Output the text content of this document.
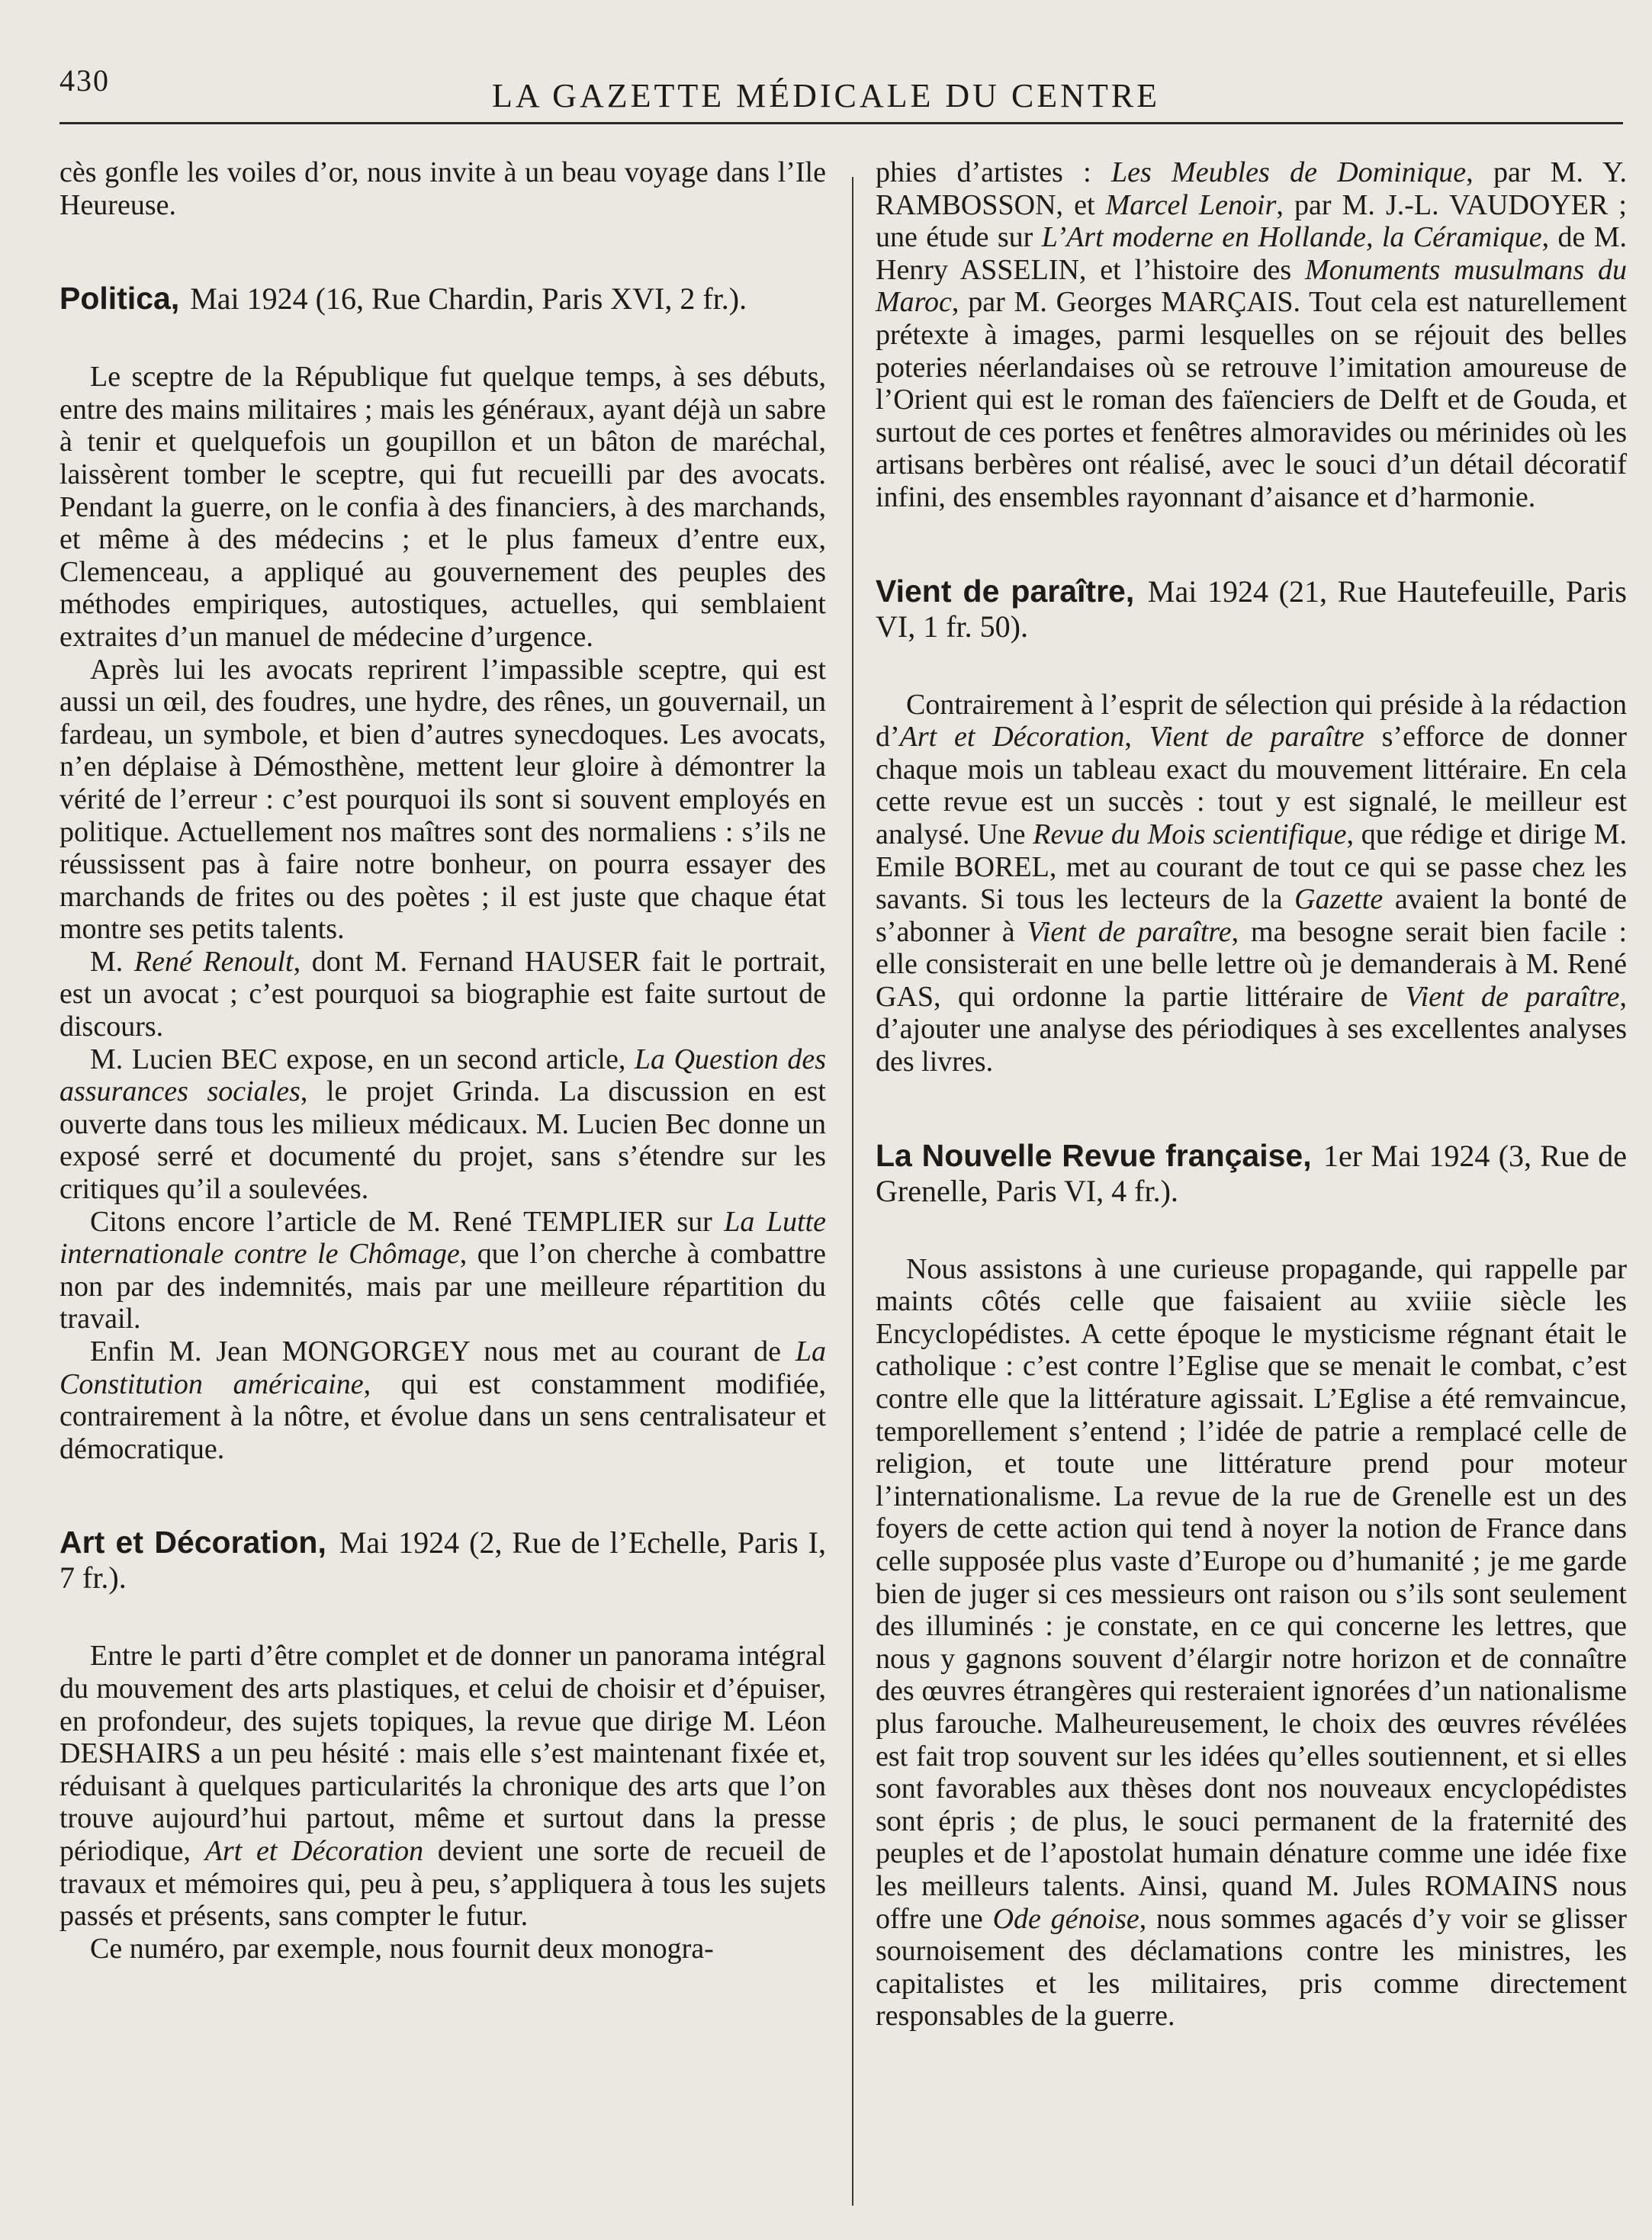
430	LA GAZETTE MÉDICALE DU CENTRE

cès gonfle les voiles d’or, nous invite à un beau voyage dans l’Ile Heureuse.

Politica, Mai 1924 (16, Rue Chardin, Paris XVI, 2 fr.).

Le sceptre de la République fut quelque temps, à ses débuts, entre des mains militaires ; mais les généraux, ayant déjà un sabre à tenir et quelquefois un goupillon et un bâton de maréchal, laissèrent tomber le sceptre, qui fut recueilli par des avocats. Pendant la guerre, on le confia à des financiers, à des marchands, et même à des médecins ; et le plus fameux d’entre eux, Clemenceau, a appliqué au gouvernement des peuples des méthodes empiriques, autostiques, actuelles, qui semblaient extraites d’un manuel de médecine d’urgence.

Après lui les avocats reprirent l’impassible sceptre, qui est aussi un œil, des foudres, une hydre, des rênes, un gouvernail, un fardeau, un symbole, et bien d’autres synecdoques. Les avocats, n’en déplaise à Démosthène, mettent leur gloire à démontrer la vérité de l’erreur : c’est pourquoi ils sont si souvent employés en politique. Actuellement nos maîtres sont des normaliens : s’ils ne réussissent pas à faire notre bonheur, on pourra essayer des marchands de frites ou des poètes ; il est juste que chaque état montre ses petits talents.

M. René Renoult, dont M. Fernand HAUSER fait le portrait, est un avocat ; c’est pourquoi sa biographie est faite surtout de discours.

M. Lucien BEC expose, en un second article, La Question des assurances sociales, le projet Grinda. La discussion en est ouverte dans tous les milieux médicaux. M. Lucien Bec donne un exposé serré et documenté du projet, sans s’étendre sur les critiques qu’il a soulevées.

Citons encore l’article de M. René TEMPLIER sur La Lutte internationale contre le Chômage, que l’on cherche à combattre non par des indemnités, mais par une meilleure répartition du travail.

Enfin M. Jean MONGORGEY nous met au courant de La Constitution américaine, qui est constamment modifiée, contrairement à la nôtre, et évolue dans un sens centralisateur et démocratique.

Art et Décoration, Mai 1924 (2, Rue de l’Echelle, Paris I, 7 fr.).

Entre le parti d’être complet et de donner un panorama intégral du mouvement des arts plastiques, et celui de choisir et d’épuiser, en profondeur, des sujets topiques, la revue que dirige M. Léon DESHAIRS a un peu hésité : mais elle s’est maintenant fixée et, réduisant à quelques particularités la chronique des arts que l’on trouve aujourd’hui partout, même et surtout dans la presse périodique, Art et Décoration devient une sorte de recueil de travaux et mémoires qui, peu à peu, s’appliquera à tous les sujets passés et présents, sans compter le futur.

Ce numéro, par exemple, nous fournit deux monogra-

phies d’artistes : Les Meubles de Dominique, par M. Y. RAMBOSSON, et Marcel Lenoir, par M. J.-L. VAUDOYER ; une étude sur L’Art moderne en Hollande, la Céramique, de M. Henry ASSELIN, et l’histoire des Monuments musulmans du Maroc, par M. Georges MARÇAIS. Tout cela est naturellement prétexte à images, parmi lesquelles on se réjouit des belles poteries néerlandaises où se retrouve l’imitation amoureuse de l’Orient qui est le roman des faïenciers de Delft et de Gouda, et surtout de ces portes et fenêtres almoravides ou mérinides où les artisans berbères ont réalisé, avec le souci d’un détail décoratif infini, des ensembles rayonnant d’aisance et d’harmonie.

Vient de paraître, Mai 1924 (21, Rue Hautefeuille, Paris VI, 1 fr. 50).

Contrairement à l’esprit de sélection qui préside à la rédaction d’Art et Décoration, Vient de paraître s’efforce de donner chaque mois un tableau exact du mouvement littéraire. En cela cette revue est un succès : tout y est signalé, le meilleur est analysé. Une Revue du Mois scientifique, que rédige et dirige M. Emile BOREL, met au courant de tout ce qui se passe chez les savants. Si tous les lecteurs de la Gazette avaient la bonté de s’abonner à Vient de paraître, ma besogne serait bien facile : elle consisterait en une belle lettre où je demanderais à M. René GAS, qui ordonne la partie littéraire de Vient de paraître, d’ajouter une analyse des périodiques à ses excellentes analyses des livres.

La Nouvelle Revue française, 1er Mai 1924 (3, Rue de Grenelle, Paris VI, 4 fr.).

Nous assistons à une curieuse propagande, qui rappelle par maints côtés celle que faisaient au xviiie siècle les Encyclopédistes. A cette époque le mysticisme régnant était le catholique : c’est contre l’Eglise que se menait le combat, c’est contre elle que la littérature agissait. L’Eglise a été remvaincue, temporellement s’entend ; l’idée de patrie a remplacé celle de religion, et toute une littérature prend pour moteur l’internationalisme. La revue de la rue de Grenelle est un des foyers de cette action qui tend à noyer la notion de France dans celle supposée plus vaste d’Europe ou d’humanité ; je me garde bien de juger si ces messieurs ont raison ou s’ils sont seulement des illuminés : je constate, en ce qui concerne les lettres, que nous y gagnons souvent d’élargir notre horizon et de connaître des œuvres étrangères qui resteraient ignorées d’un nationalisme plus farouche. Malheureusement, le choix des œuvres révélées est fait trop souvent sur les idées qu’elles soutiennent, et si elles sont favorables aux thèses dont nos nouveaux encyclopédistes sont épris ; de plus, le souci permanent de la fraternité des peuples et de l’apostolat humain dénature comme une idée fixe les meilleurs talents. Ainsi, quand M. Jules ROMAINS nous offre une Ode génoise, nous sommes agacés d’y voir se glisser sournoisement des déclamations contre les ministres, les capitalistes et les militaires, pris comme directement responsables de la guerre.
